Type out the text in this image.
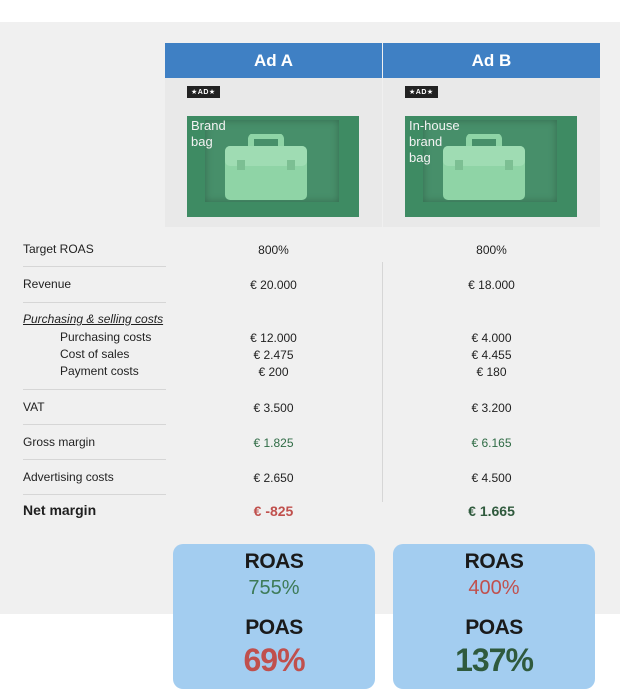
Ad A	Ad B
★AD★
Brand
bag
★AD★
In-house
brand
bag
Target ROAS	800%	800%
Revenue	€ 20.000	€ 18.000
Purchasing & selling costs
Purchasing costs	€ 12.000	€ 4.000
Cost of sales	€ 2.475	€ 4.455
Payment costs	€ 200	€ 180
VAT	€ 3.500	€ 3.200
Gross margin	€ 1.825	€ 6.165
Advertising costs	€ 2.650	€ 4.500
Net margin	€ -825	€ 1.665
ROAS
755%
POAS
69%
ROAS
400%
POAS
137%
